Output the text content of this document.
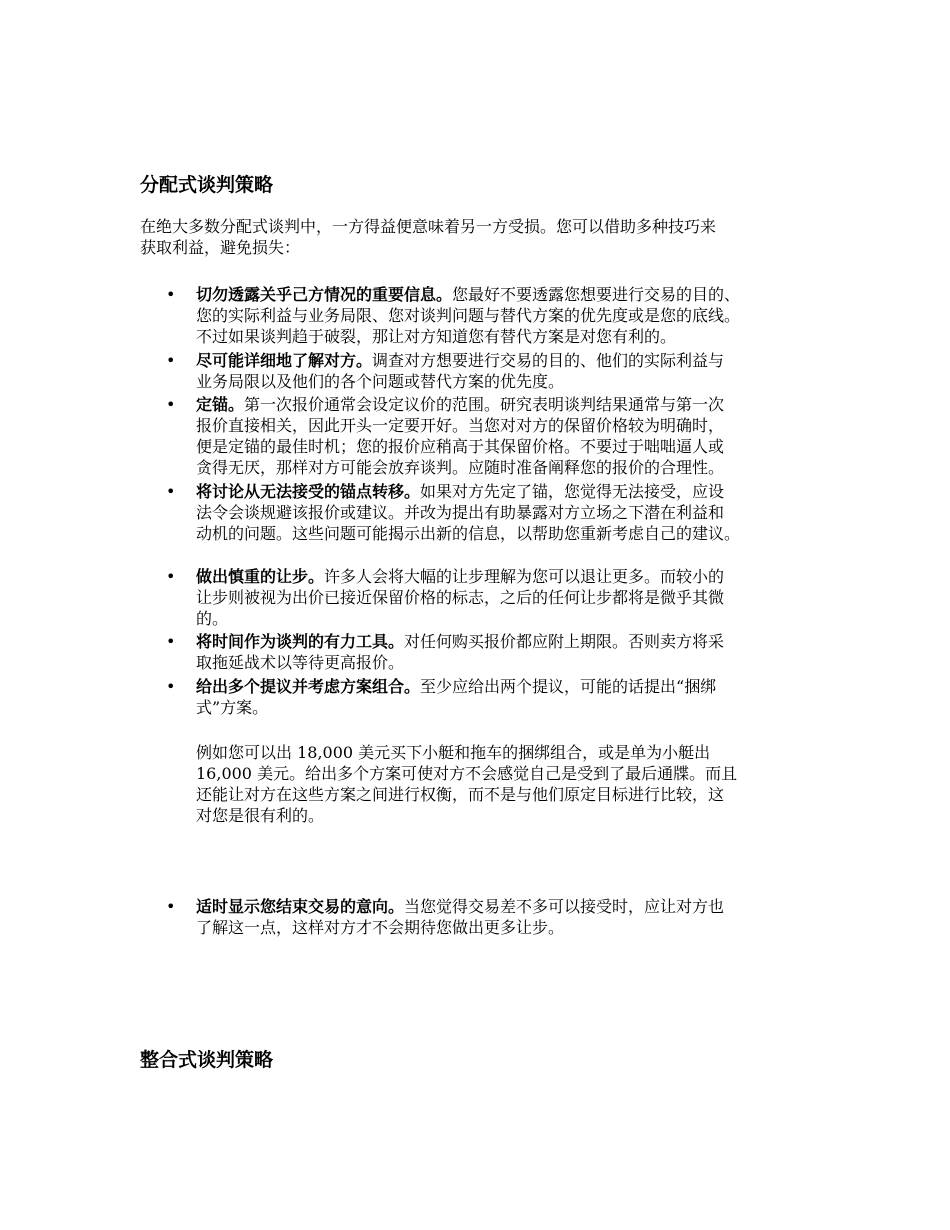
分配式谈判策略

在绝大多数分配式谈判中，一方得益便意味着另一方受损。您可以借助多种技巧来
获取利益，避免损失：

• 切勿透露关乎己方情况的重要信息。您最好不要透露您想要进行交易的目的、
您的实际利益与业务局限、您对谈判问题与替代方案的优先度或是您的底线。
不过如果谈判趋于破裂，那让对方知道您有替代方案是对您有利的。
• 尽可能详细地了解对方。调查对方想要进行交易的目的、他们的实际利益与
业务局限以及他们的各个问题或替代方案的优先度。
• 定锚。第一次报价通常会设定议价的范围。研究表明谈判结果通常与第一次
报价直接相关，因此开头一定要开好。当您对对方的保留价格较为明确时，
便是定锚的最佳时机；您的报价应稍高于其保留价格。不要过于咄咄逼人或
贪得无厌，那样对方可能会放弃谈判。应随时准备阐释您的报价的合理性。
• 将讨论从无法接受的锚点转移。如果对方先定了锚，您觉得无法接受，应设
法令会谈规避该报价或建议。并改为提出有助暴露对方立场之下潜在利益和
动机的问题。这些问题可能揭示出新的信息，以帮助您重新考虑自己的建议。
• 做出慎重的让步。许多人会将大幅的让步理解为您可以退让更多。而较小的
让步则被视为出价已接近保留价格的标志，之后的任何让步都将是微乎其微
的。
• 将时间作为谈判的有力工具。对任何购买报价都应附上期限。否则卖方将采
取拖延战术以等待更高报价。
• 给出多个提议并考虑方案组合。至少应给出两个提议，可能的话提出“捆绑
式”方案。

例如您可以出 18,000 美元买下小艇和拖车的捆绑组合，或是单为小艇出
16,000 美元。给出多个方案可使对方不会感觉自己是受到了最后通牒。而且
还能让对方在这些方案之间进行权衡，而不是与他们原定目标进行比较，这
对您是很有利的。

• 适时显示您结束交易的意向。当您觉得交易差不多可以接受时，应让对方也
了解这一点，这样对方才不会期待您做出更多让步。
整合式谈判策略
